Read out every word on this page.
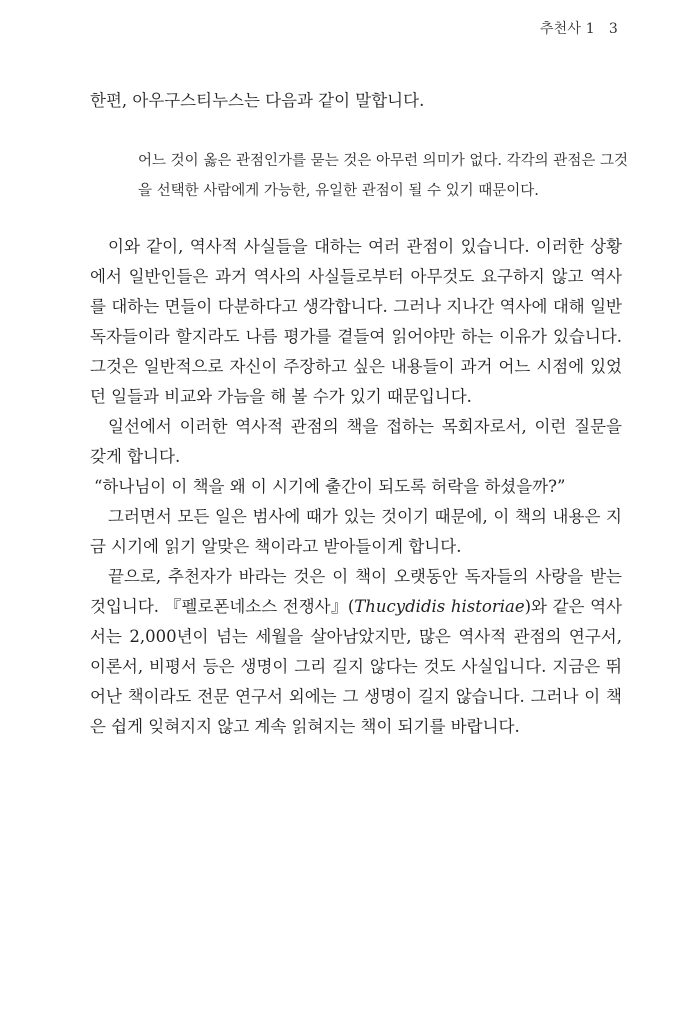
추천사 1 3
한편, 아우구스티누스는 다음과 같이 말합니다.

어느 것이 옳은 관점인가를 묻는 것은 아무런 의미가 없다. 각각의 관점은 그것을 선택한 사람에게 가능한, 유일한 관점이 될 수 있기 때문이다.

이와 같이, 역사적 사실들을 대하는 여러 관점이 있습니다. 이러한 상황에서 일반인들은 과거 역사의 사실들로부터 아무것도 요구하지 않고 역사를 대하는 면들이 다분하다고 생각합니다. 그러나 지나간 역사에 대해 일반 독자들이라 할지라도 나름 평가를 곁들여 읽어야만 하는 이유가 있습니다. 그것은 일반적으로 자신이 주장하고 싶은 내용들이 과거 어느 시점에 있었던 일들과 비교와 가늠을 해 볼 수가 있기 때문입니다.

일선에서 이러한 역사적 관점의 책을 접하는 목회자로서, 이런 질문을 갖게 합니다.

“하나님이 이 책을 왜 이 시기에 출간이 되도록 허락을 하셨을까?”

그러면서 모든 일은 범사에 때가 있는 것이기 때문에, 이 책의 내용은 지금 시기에 읽기 알맞은 책이라고 받아들이게 합니다.

끝으로, 추천자가 바라는 것은 이 책이 오랫동안 독자들의 사랑을 받는 것입니다. 『펠로폰네소스 전쟁사』(Thucydidis historiae)와 같은 역사서는 2,000년이 넘는 세월을 살아남았지만, 많은 역사적 관점의 연구서, 이론서, 비평서 등은 생명이 그리 길지 않다는 것도 사실입니다. 지금은 뛰어난 책이라도 전문 연구서 외에는 그 생명이 길지 않습니다. 그러나 이 책은 쉽게 잊혀지지 않고 계속 읽혀지는 책이 되기를 바랍니다.
